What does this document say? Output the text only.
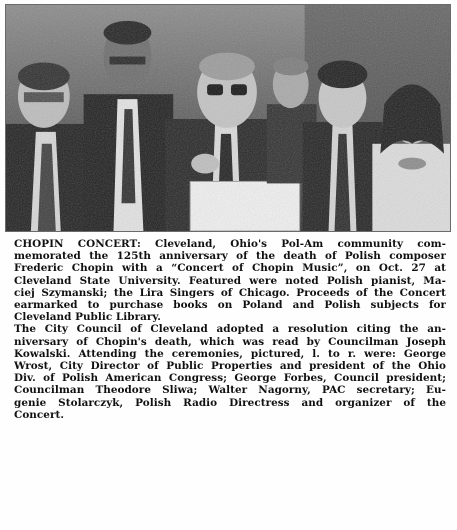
CHOPIN CONCERT: Cleveland, Ohio's Pol-Am community com-
memorated the 125th anniversary of the death of Polish composer
Frederic Chopin with a “Concert of Chopin Music”, on Oct. 27 at
Cleveland State University. Featured were noted Polish pianist, Ma-
ciej Szymanski; the Lira Singers of Chicago. Proceeds of the Concert
earmarked to purchase books on Poland and Polish subjects for
Cleveland Public Library.
The City Council of Cleveland adopted a resolution citing the an-
niversary of Chopin's death, which was read by Councilman Joseph
Kowalski. Attending the ceremonies, pictured, l. to r. were: George
Wrost, City Director of Public Properties and president of the Ohio
Div. of Polish American Congress; George Forbes, Council president;
Councilman Theodore Sliwa; Walter Nagorny, PAC secretary; Eu-
genie Stolarczyk, Polish Radio Directress and organizer of the
Concert.
